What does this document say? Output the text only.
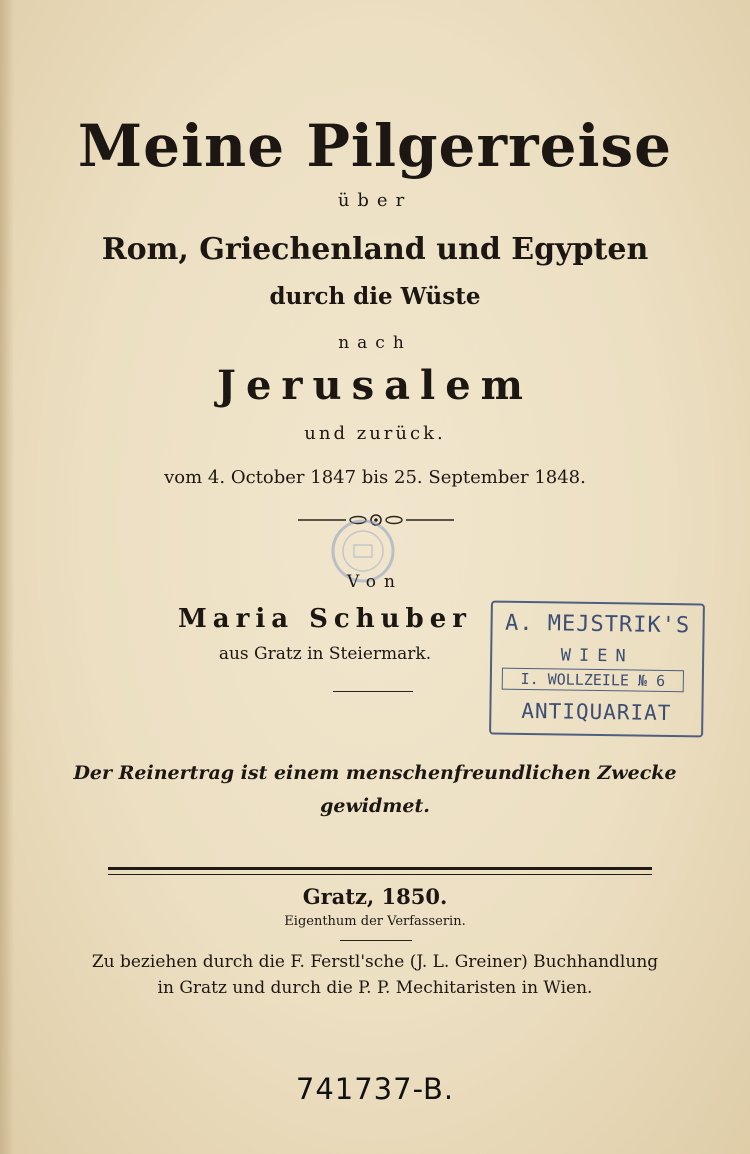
Meine Pilgerreise
über
Rom, Griechenland und Egypten
durch die Wüste
nach
Jerusalem
und zurück.
vom 4. October 1847 bis 25. September 1848.
Von
Maria Schuber
aus Gratz in Steiermark.
A. MEJSTRIK'S
WIEN
I. WOLLZEILE № 6
ANTIQUARIAT
Der Reinertrag ist einem menschenfreundlichen Zwecke
gewidmet.
Gratz, 1850.
Eigenthum der Verfasserin.
Zu beziehen durch die F. Ferstl'sche (J. L. Greiner) Buchhandlung
in Gratz und durch die P. P. Mechitaristen in Wien.
741737-B.
